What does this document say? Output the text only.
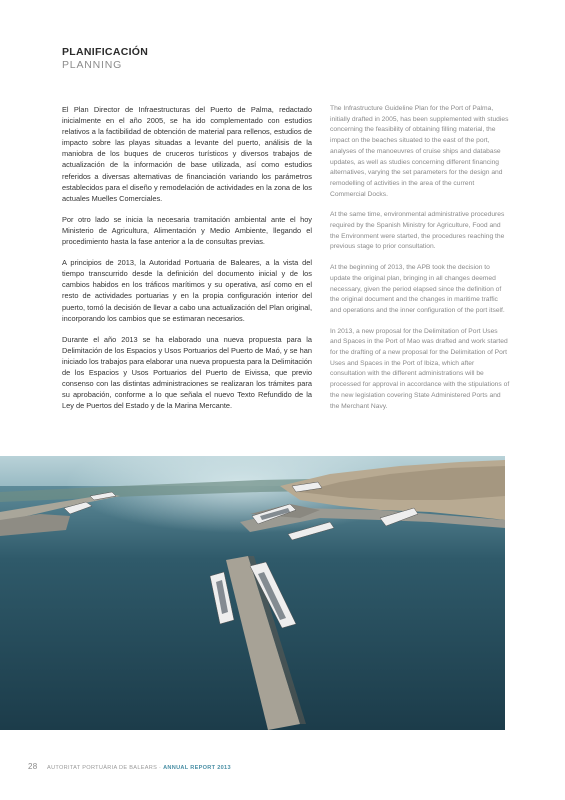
PLANIFICACIÓN
PLANNING

El Plan Director de Infraestructuras del Puerto de Palma, redactado inicialmente en el año 2005, se ha ido complementado con estudios relativos a la factibilidad de obtención de material para rellenos, estudios de impacto sobre las playas situadas a levante del puerto, análisis de la maniobra de los buques de cruceros turísticos y diversos trabajos de actualización de la información de base utilizada, así como estudios referidos a diversas alternativas de financiación variando los parámetros establecidos para el diseño y remodelación de actividades en la zona de los actuales Muelles Comerciales.

Por otro lado se inicia la necesaria tramitación ambiental ante el hoy Ministerio de Agricultura, Alimentación y Medio Ambiente, llegando el procedimiento hasta la fase anterior a la de consultas previas.

A principios de 2013, la Autoridad Portuaria de Baleares, a la vista del tiempo transcurrido desde la definición del documento inicial y de los cambios habidos en los tráficos marítimos y su operativa, así como en el resto de actividades portuarias y en la propia configuración interior del puerto, tomó la decisión de llevar a cabo una actualización del Plan original, incorporando los cambios que se estimaran necesarios.

Durante el año 2013 se ha elaborado una nueva propuesta para la Delimitación de los Espacios y Usos Portuarios del Puerto de Maó, y se han iniciado los trabajos para elaborar una nueva propuesta para la Delimitación de los Espacios y Usos Portuarios del Puerto de Eivissa, que previo consenso con las distintas administraciones se realizaran los trámites para su aprobación, conforme a lo que señala el nuevo Texto Refundido de la Ley de Puertos del Estado y de la Marina Mercante.

The Infrastructure Guideline Plan for the Port of Palma, initially drafted in 2005, has been supplemented with studies concerning the feasibility of obtaining filling material, the impact on the beaches situated to the east of the port, analyses of the manoeuvres of cruise ships and database updates, as well as studies concerning different financing alternatives, varying the set parameters for the design and remodelling of activities in the area of the current Commercial Docks.

At the same time, environmental administrative procedures required by the Spanish Ministry for Agriculture, Food and the Environment were started, the procedures reaching the previous stage to prior consultation.

At the beginning of 2013, the APB took the decision to update the original plan, bringing in all changes deemed necessary, given the period elapsed since the definition of the original document and the changes in maritime traffic and operations and the inner configuration of the port itself.

In 2013, a new proposal for the Delimitation of Port Uses and Spaces in the Port of Mao was drafted and work started for the drafting of a new proposal for the Delimitation of Port Uses and Spaces in the Port of Ibiza, which after consultation with the different administrations will be processed for approval in accordance with the stipulations of the new legislation covering State Administered Ports and the Merchant Navy.

28 AUTORITAT PORTUÀRIA DE BALEARS · ANNUAL REPORT 2013
